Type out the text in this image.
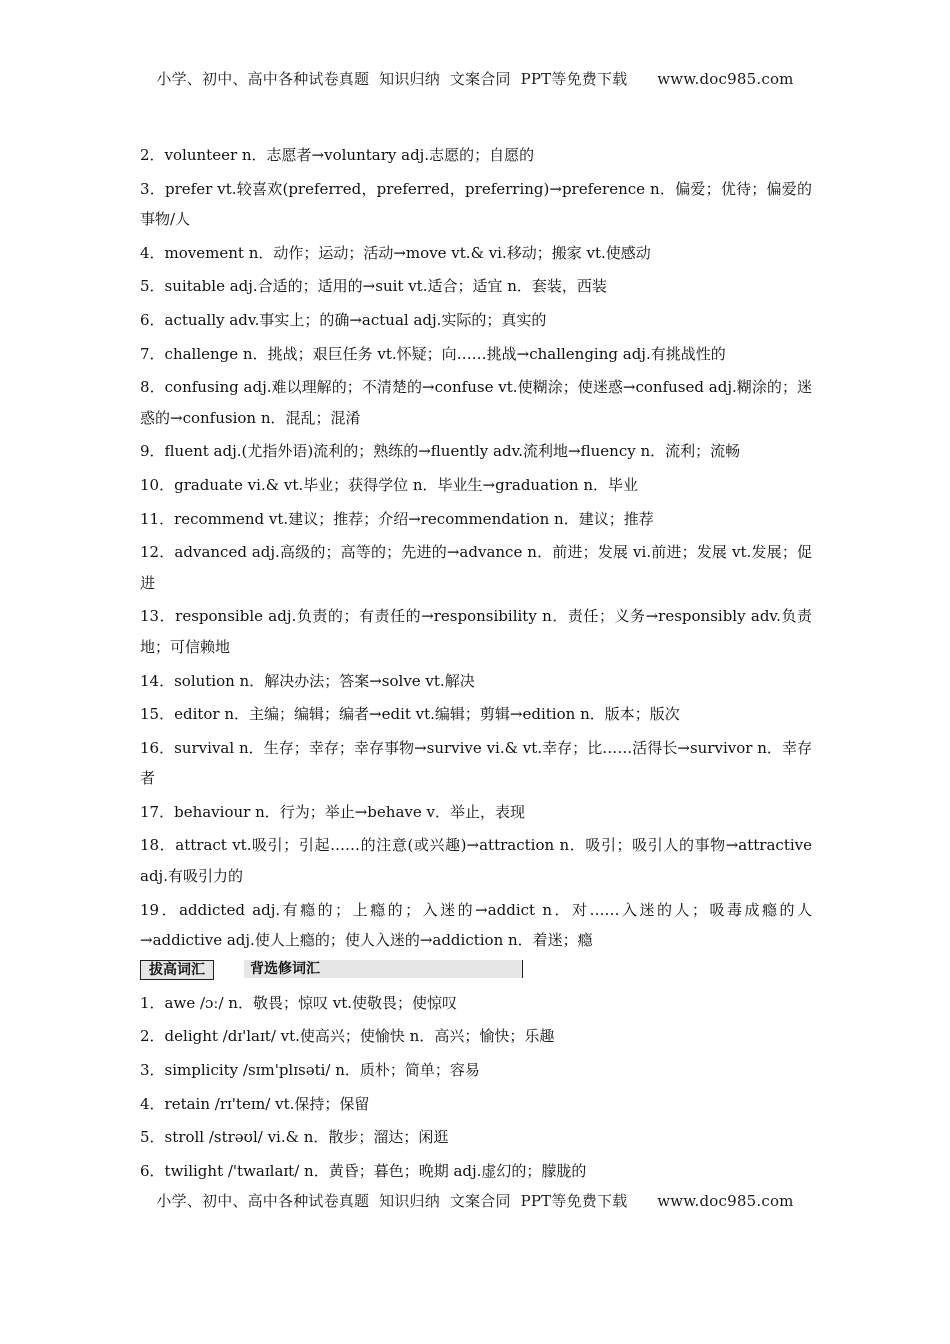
小学、初中、高中各种试卷真题  知识归纳  文案合同  PPT等免费下载      www.doc985.com

2．volunteer n．志愿者→voluntary adj.志愿的；自愿的

3．prefer vt.较喜欢(preferred，preferred，preferring)→preference n．偏爱；优待；偏爱的事物/人

4．movement n．动作；运动；活动→move vt.& vi.移动；搬家 vt.使感动

5．suitable adj.合适的；适用的→suit vt.适合；适宜 n．套装，西装

6．actually adv.事实上；的确→actual adj.实际的；真实的

7．challenge n．挑战；艰巨任务 vt.怀疑；向……挑战→challenging adj.有挑战性的

8．confusing adj.难以理解的；不清楚的→confuse vt.使糊涂；使迷惑→confused adj.糊涂的；迷惑的→confusion n．混乱；混淆

9．fluent adj.(尤指外语)流利的；熟练的→fluently adv.流利地→fluency n．流利；流畅

10．graduate vi.& vt.毕业；获得学位 n．毕业生→graduation n．毕业

11．recommend vt.建议；推荐；介绍→recommendation n．建议；推荐

12．advanced adj.高级的；高等的；先进的→advance n．前进；发展 vi.前进；发展 vt.发展；促进

13．responsible adj.负责的；有责任的→responsibility n．责任；义务→responsibly adv.负责地；可信赖地

14．solution n．解决办法；答案→solve vt.解决

15．editor n．主编；编辑；编者→edit vt.编辑；剪辑→edition n．版本；版次

16．survival n．生存；幸存；幸存事物→survive vi.& vt.幸存；比……活得长→survivor n．幸存者

17．behaviour n．行为；举止→behave v．举止，表现

18．attract vt.吸引；引起……的注意(或兴趣)→attraction n．吸引；吸引人的事物→attractive adj.有吸引力的

19．addicted adj.有瘾的；上瘾的；入迷的→addict n．对……入迷的人；吸毒成瘾的人→addictive adj.使人上瘾的；使人入迷的→addiction n．着迷；瘾

拔高词汇	背选修词汇

1．awe /ɔː/ n．敬畏；惊叹 vt.使敬畏；使惊叹

2．delight /dɪ'laɪt/ vt.使高兴；使愉快 n．高兴；愉快；乐趣

3．simplicity /sɪm'plɪsəti/ n．质朴；简单；容易

4．retain /rɪ'teɪn/ vt.保持；保留

5．stroll /strəʊl/ vi.& n．散步；溜达；闲逛

6．twilight /'twaɪlaɪt/ n．黄昏；暮色；晚期 adj.虚幻的；朦胧的

小学、初中、高中各种试卷真题  知识归纳  文案合同  PPT等免费下载      www.doc985.com
